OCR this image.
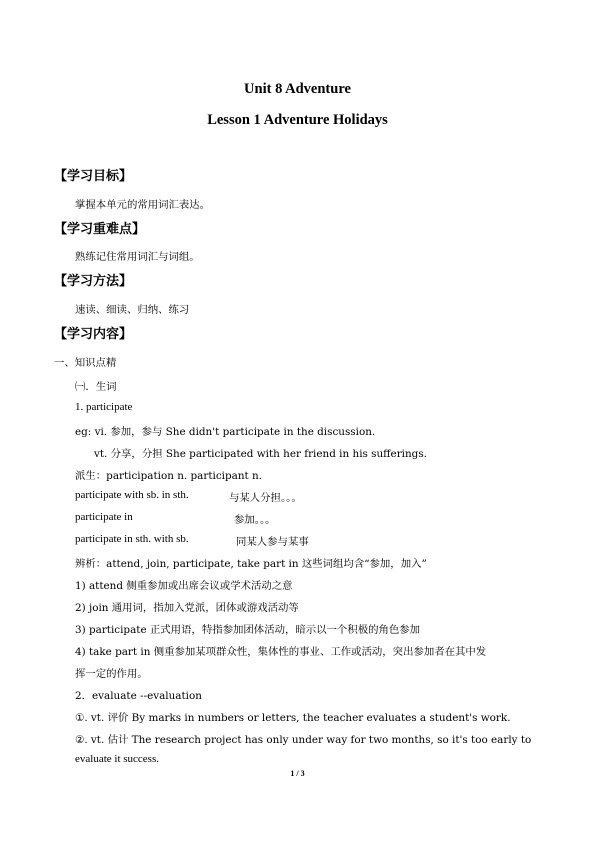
Unit 8 Adventure
Lesson 1 Adventure Holidays
【学习目标】
掌握本单元的常用词汇表达。
【学习重难点】
熟练记住常用词汇与词组。
【学习方法】
速读、细读、归纳、练习
【学习内容】
一、知识点精
㈠．生词
1. participate
eg: vi. 参加，参与 She didn't participate in the discussion.
vt. 分享，分担 She participated with her friend in his sufferings.
派生：participation n. participant n.
participate with sb. in sth.	与某人分担。。。
participate in	参加。。。
participate in sth. with sb.	同某人参与某事
辨析：attend, join, participate, take part in 这些词组均含“参加，加入”
1) attend 侧重参加或出席会议或学术活动之意
2) join 通用词，指加入党派，团体或游戏活动等
3) participate 正式用语，特指参加团体活动，暗示以一个积极的角色参加
4) take part in 侧重参加某项群众性，集体性的事业、工作或活动，突出参加者在其中发
挥一定的作用。
2．evaluate --evaluation
①. vt. 评价 By marks in numbers or letters, the teacher evaluates a student's work.
②. vt. 估计 The research project has only under way for two months, so it's too early to
evaluate it success.
1 / 3
